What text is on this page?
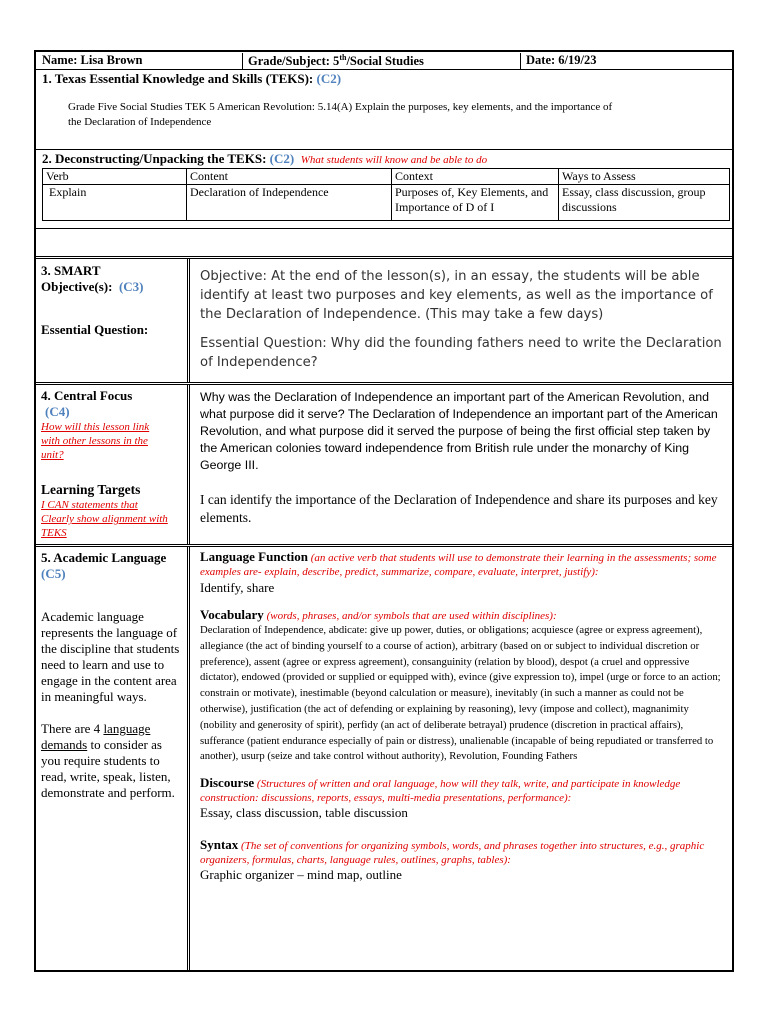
Name: Lisa Brown	Grade/Subject: 5th/Social Studies	Date: 6/19/23
1. Texas Essential Knowledge and Skills (TEKS): (C2)
Grade Five Social Studies TEK 5 American Revolution: 5.14(A) Explain the purposes, key elements, and the importance of
the Declaration of Independence
2. Deconstructing/Unpacking the TEKS: (C2) What students will know and be able to do
Verb	Content	Context	Ways to Assess
Explain	Declaration of Independence	Purposes of, Key Elements, and Importance of D of I	Essay, class discussion, group discussions
3. SMART
Objective(s): (C3)
Essential Question:
Objective: At the end of the lesson(s), in an essay, the students will be able identify at least two purposes and key elements, as well as the importance of the Declaration of Independence. (This may take a few days)
Essential Question: Why did the founding fathers need to write the Declaration of Independence?
4. Central Focus
(C4)
How will this lesson link with other lessons in the unit?
Learning Targets
I CAN statements that Clearly show alignment with TEKS
Why was the Declaration of Independence an important part of the American Revolution, and what purpose did it serve? The Declaration of Independence an important part of the American Revolution, and what purpose did it served the purpose of being the first official step taken by the American colonies toward independence from British rule under the monarchy of King George III.
I can identify the importance of the Declaration of Independence and share its purposes and key elements.
5. Academic Language
(C5)
Academic language represents the language of the discipline that students need to learn and use to engage in the content area in meaningful ways.
There are 4 language demands to consider as you require students to read, write, speak, listen, demonstrate and perform.
Language Function (an active verb that students will use to demonstrate their learning in the assessments; some examples are- explain, describe, predict, summarize, compare, evaluate, interpret, justify):
Identify, share
Vocabulary (words, phrases, and/or symbols that are used within disciplines):
Declaration of Independence, abdicate: give up power, duties, or obligations; acquiesce (agree or express agreement), allegiance (the act of binding yourself to a course of action), arbitrary (based on or subject to individual discretion or preference), assent (agree or express agreement), consanguinity (relation by blood), despot (a cruel and oppressive dictator), endowed (provided or supplied or equipped with), evince (give expression to), impel (urge or force to an action; constrain or motivate), inestimable (beyond calculation or measure), inevitably (in such a manner as could not be otherwise), justification (the act of defending or explaining by reasoning), levy (impose and collect), magnanimity (nobility and generosity of spirit), perfidy (an act of deliberate betrayal) prudence (discretion in practical affairs), sufferance (patient endurance especially of pain or distress), unalienable (incapable of being repudiated or transferred to another), usurp (seize and take control without authority), Revolution, Founding Fathers
Discourse (Structures of written and oral language, how will they talk, write, and participate in knowledge construction: discussions, reports, essays, multi-media presentations, performance):
Essay, class discussion, table discussion
Syntax (The set of conventions for organizing symbols, words, and phrases together into structures, e.g., graphic organizers, formulas, charts, language rules, outlines, graphs, tables):
Graphic organizer – mind map, outline
